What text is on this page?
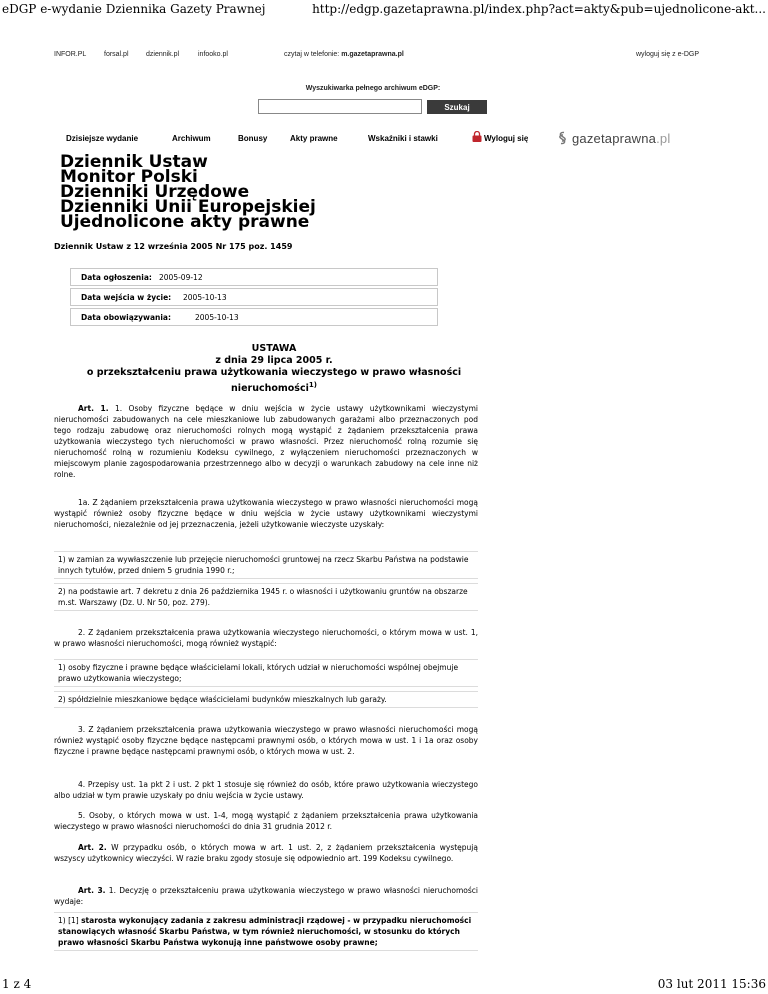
eDGP e-wydanie Dziennika Gazety Prawnej	http://edgp.gazetaprawna.pl/index.php?act=akty&pub=ujednolicone-akt...
INFOR.PL	forsal.pl dziennik.pl	infooko.pl	czytaj w telefonie: m.gazetaprawna.pl	wyloguj się z e-DGP
Wyszukiwarka pełnego archiwum eDGP:
Szukaj
Dzisiejsze wydanie	Archiwum	Bonusy	Akty prawne	Wskaźniki i stawki	Wyloguj się	gazetaprawna.pl
Dziennik Ustaw
Monitor Polski
Dzienniki Urzędowe
Dzienniki Unii Europejskiej
Ujednolicone akty prawne
Dziennik Ustaw z 12 września 2005 Nr 175 poz. 1459
Data ogłoszenia: 2005-09-12
Data wejścia w życie: 2005-10-13
Data obowiązywania:	2005-10-13
USTAWA
z dnia 29 lipca 2005 r.
o przekształceniu prawa użytkowania wieczystego w prawo własności
nieruchomości$^{1)}$
Art. 1. 1. Osoby fizyczne będące w dniu wejścia w życie ustawy użytkownikami wieczystymi nieruchomości zabudowanych na cele mieszkaniowe lub zabudowanych garażami albo przeznaczonych pod tego rodzaju zabudowę oraz nieruchomości rolnych mogą wystąpić z żądaniem przekształcenia prawa użytkowania wieczystego tych nieruchomości w prawo własności. Przez nieruchomość rolną rozumie się nieruchomość rolną w rozumieniu Kodeksu cywilnego, z wyłączeniem nieruchomości przeznaczonych w miejscowym planie zagospodarowania przestrzennego albo w decyzji o warunkach zabudowy na cele inne niż rolne.
1a. Z żądaniem przekształcenia prawa użytkowania wieczystego w prawo własności nieruchomości mogą wystąpić również osoby fizyczne będące w dniu wejścia w życie ustawy użytkownikami wieczystymi nieruchomości, niezależnie od jej przeznaczenia, jeżeli użytkowanie wieczyste uzyskały:
1) w zamian za wywłaszczenie lub przejęcie nieruchomości gruntowej na rzecz Skarbu Państwa na podstawie innych tytułów, przed dniem 5 grudnia 1990 r.;
2) na podstawie art. 7 dekretu z dnia 26 października 1945 r. o własności i użytkowaniu gruntów na obszarze m.st. Warszawy (Dz. U. Nr 50, poz. 279).
2. Z żądaniem przekształcenia prawa użytkowania wieczystego nieruchomości, o którym mowa w ust. 1, w prawo własności nieruchomości, mogą również wystąpić:
1) osoby fizyczne i prawne będące właścicielami lokali, których udział w nieruchomości wspólnej obejmuje prawo użytkowania wieczystego;
2) spółdzielnie mieszkaniowe będące właścicielami budynków mieszkalnych lub garaży.
3. Z żądaniem przekształcenia prawa użytkowania wieczystego w prawo własności nieruchomości mogą również wystąpić osoby fizyczne będące następcami prawnymi osób, o których mowa w ust. 1 i 1a oraz osoby fizyczne i prawne będące następcami prawnymi osób, o których mowa w ust. 2.
4. Przepisy ust. 1a pkt 2 i ust. 2 pkt 1 stosuje się również do osób, które prawo użytkowania wieczystego albo udział w tym prawie uzyskały po dniu wejścia w życie ustawy.
5. Osoby, o których mowa w ust. 1-4, mogą wystąpić z żądaniem przekształcenia prawa użytkowania wieczystego w prawo własności nieruchomości do dnia 31 grudnia 2012 r.
Art. 2. W przypadku osób, o których mowa w art. 1 ust. 2, z żądaniem przekształcenia występują wszyscy użytkownicy wieczyści. W razie braku zgody stosuje się odpowiednio art. 199 Kodeksu cywilnego.
Art. 3. 1. Decyzję o przekształceniu prawa użytkowania wieczystego w prawo własności nieruchomości wydaje:
1) [1] starosta wykonujący zadania z zakresu administracji rządowej - w przypadku nieruchomości stanowiących własność Skarbu Państwa, w tym również nieruchomości, w stosunku do których prawo własności Skarbu Państwa wykonują inne państwowe osoby prawne;
1 z 4	03 lut 2011 15:36
